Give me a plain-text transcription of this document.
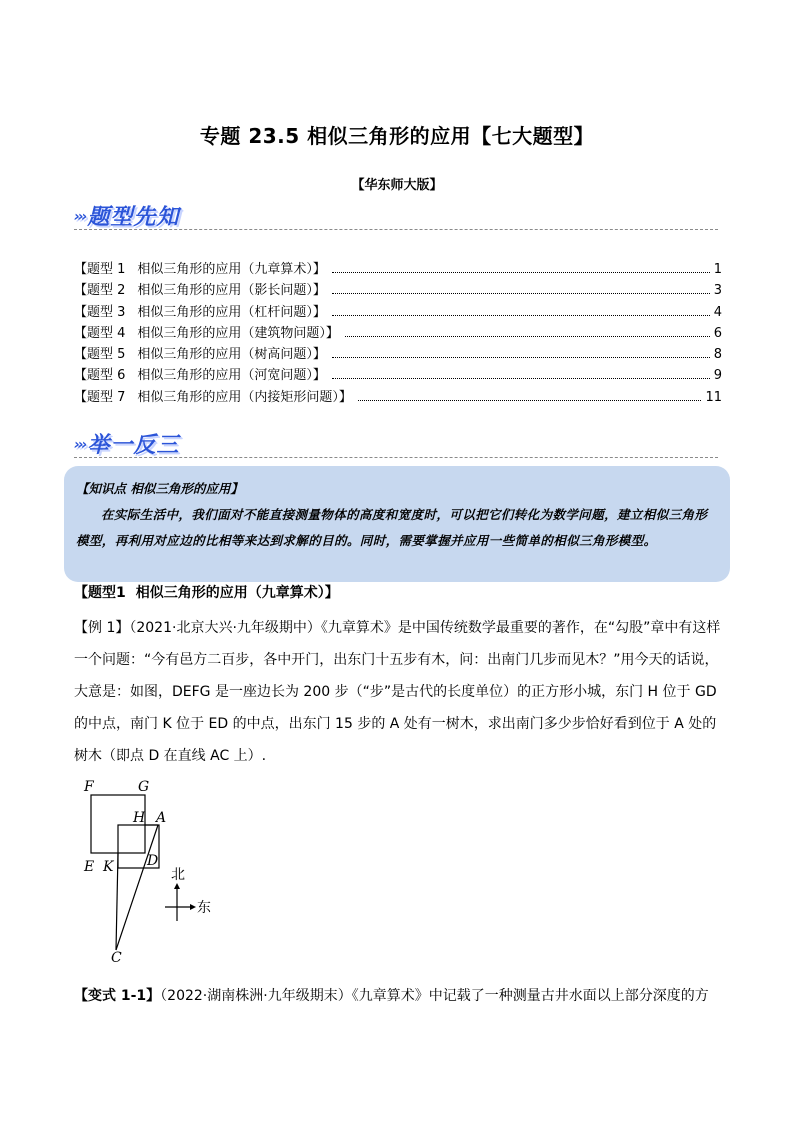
专题 23.5 相似三角形的应用【七大题型】
【华东师大版】
›››题型先知
【题型 1 相似三角形的应用（九章算术）】	1
【题型 2 相似三角形的应用（影长问题）】	3
【题型 3 相似三角形的应用（杠杆问题）】	4
【题型 4 相似三角形的应用（建筑物问题）】	6
【题型 5 相似三角形的应用（树高问题）】	8
【题型 6 相似三角形的应用（河宽问题）】	9
【题型 7 相似三角形的应用（内接矩形问题）】	11
›››举一反三
【知识点 相似三角形的应用】
在实际生活中，我们面对不能直接测量物体的高度和宽度时，可以把它们转化为数学问题，建立相似三角形模型，再利用对应边的比相等来达到求解的目的。同时，需要掌握并应用一些简单的相似三角形模型。
【题型1 相似三角形的应用（九章算术）】
【例 1】（2021·北京大兴·九年级期中）《九章算术》是中国传统数学最重要的著作，在“勾股”章中有这样一个问题：“今有邑方二百步，各中开门，出东门十五步有木，问：出南门几步而见木？”用今天的话说，大意是：如图，DEFG 是一座边长为 200 步（“步”是古代的长度单位）的正方形小城，东门 H 位于 GD 的中点，南门 K 位于 ED 的中点，出东门 15 步的 A 处有一树木，求出南门多少步恰好看到位于 A 处的树木（即点 D 在直线 AC 上）.
F	G
H A
E K D
C
北
东
【变式 1-1】（2022·湖南株洲·九年级期末）《九章算术》中记载了一种测量古井水面以上部分深度的方
